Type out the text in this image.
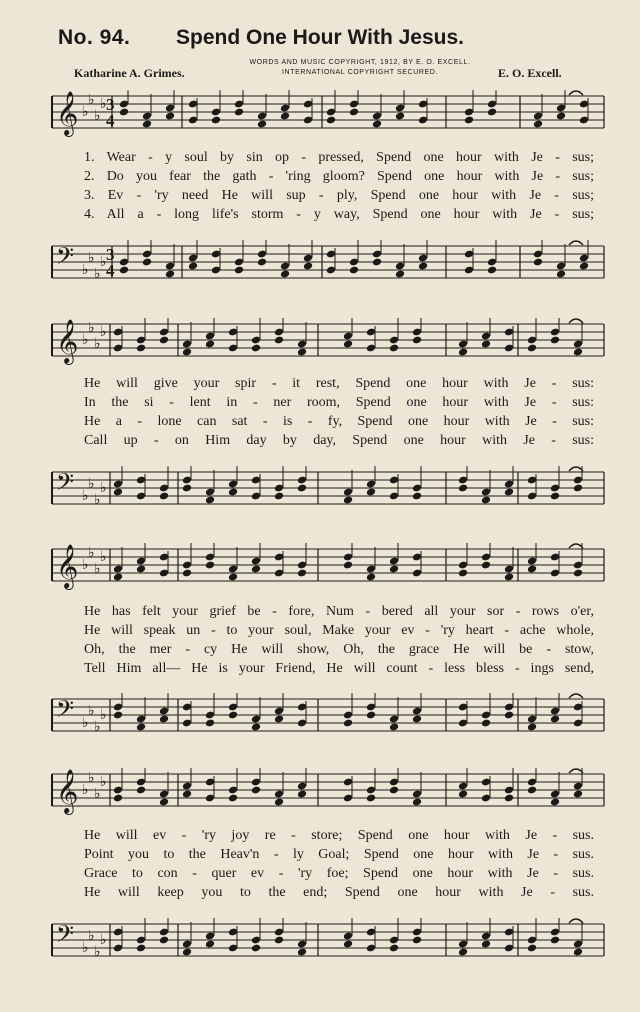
No. 94. Spend One Hour With Jesus.
WORDS AND MUSIC COPYRIGHT, 1912, BY E. O. EXCELL.
INTERNATIONAL COPYRIGHT SECURED.
Katharine A. Grimes.	E. O. Excell.
𝄞 ♭
♭
♭
♭ 3
4
1. Wear - y soul by sin op - pressed, Spend one hour with Je - sus;
2. Do you fear the gath - 'ring gloom? Spend one hour with Je - sus;
3. Ev - 'ry need He will sup - ply, Spend one hour with Je - sus;
4. All a - long life's storm - y way, Spend one hour with Je - sus;
𝄢 ♭
♭
♭
♭ 3
4
𝄞 ♭
♭
♭
♭
He will give your spir - it rest, Spend one hour with Je - sus:
In the si - lent in - ner room, Spend one hour with Je - sus:
He a - lone can sat - is - fy, Spend one hour with Je - sus:
Call up - on Him day by day, Spend one hour with Je - sus:
𝄢 ♭
♭
♭
♭
𝄞 ♭
♭
♭
♭
He has felt your grief be - fore, Num - bered all your sor - rows o'er,
He will speak un - to your soul, Make your ev - 'ry heart - ache whole,
Oh, the mer - cy He will show, Oh, the grace He will be - stow,
Tell Him all— He is your Friend, He will count - less bless - ings send,
𝄢 ♭
♭
♭
♭
𝄞 ♭
♭
♭
♭
He will ev - 'ry joy re - store; Spend one hour with Je - sus.
Point you to the Heav'n - ly Goal; Spend one hour with Je - sus.
Grace to con - quer ev - 'ry foe; Spend one hour with Je - sus.
He will keep you to the end; Spend one hour with Je - sus.
𝄢 ♭
♭
♭
♭
